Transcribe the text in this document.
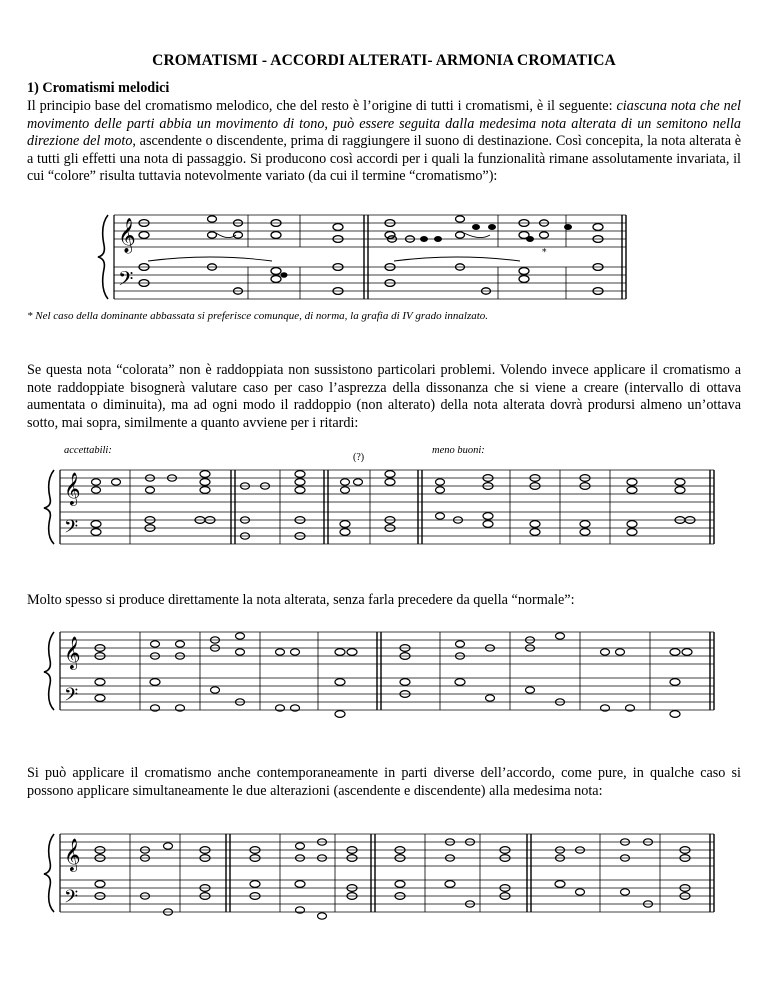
CROMATISMI - ACCORDI ALTERATI- ARMONIA CROMATICA
1) Cromatismi melodici
Il principio base del cromatismo melodico, che del resto è l’origine di tutti i cromatismi, è il seguente: ciascuna nota che nel movimento delle parti abbia un movimento di tono, può essere seguita dalla medesima nota alterata di un semitono nella direzione del moto, ascendente o discendente, prima di raggiungere il suono di destinazione. Così concepita, la nota alterata è a tutti gli effetti una nota di passaggio. Si producono così accordi per i quali la funzionalità rimane assolutamente invariata, il cui “colore” risulta tuttavia notevolmente variato (da cui il termine “cromatismo”):
𝄞
𝄢
*
* Nel caso della dominante abbassata si preferisce comunque, di norma, la grafia di IV grado innalzato.
Se questa nota “colorata” non è raddoppiata non sussistono particolari problemi. Volendo invece applicare il cromatismo a note raddoppiate bisognerà valutare caso per caso l’asprezza della dissonanza che si viene a creare (intervallo di ottava aumentata o diminuita), ma ad ogni modo il raddoppio (non alterato) della nota alterata dovrà prodursi almeno un’ottava sotto, mai sopra, similmente a quanto avviene per i ritardi:
accettabili:
(?)
meno buoni:
𝄞
𝄢
Molto spesso si produce direttamente la nota alterata, senza farla precedere da quella “normale”:
𝄞
𝄢
Si può applicare il cromatismo anche contemporaneamente in parti diverse dell’accordo, come pure, in qualche caso si possono applicare simultaneamente le due alterazioni (ascendente e discendente) alla medesima nota:
𝄞
𝄢
